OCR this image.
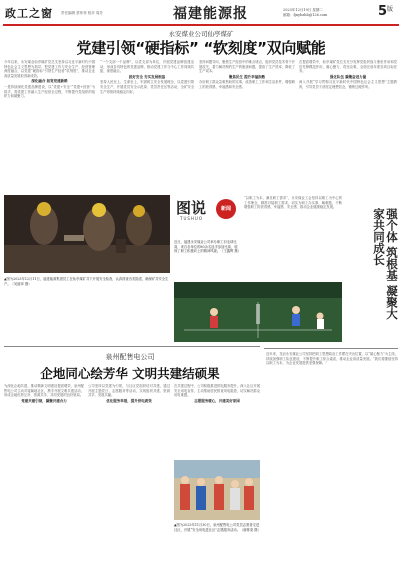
政工之窗 责任编辑 蔡菲菲 校对 周芳	福建能源报	2023年12月19日 星期二
邮箱：fjnybzhb@126.com	$5^版$
永安煤业公司仙亭煤矿
党建引领“硬指标” “软刻度”双向赋能
今年以来，永安煤业仙亭煤矿党总支坚持以习近平新时代中国特色社会主义思想为指导，把党建工作与安全生产、经营管理深度融合，以党建“硬指标”引领生产经营“软刻度”，推动企业高质量发展取得新成效。
深化融合 拓宽党建新路
一是持续深化党建品牌建设，以“党建+安全”“党建+经营”为抓手，将党建工作融入生产经营全过程，不断提升党组织的组织力和凝聚力。
“一个支部一个品牌”，以党支部为单位，开展党建品牌创建活动，形成各具特色的党建品牌，推动党建工作与中心工作同频共振、深度融合。
抓好安全 夯实发展根基
坚持人民至上、生命至上，牢固树立安全发展理念，以党建引领安全生产，开展党员安全示范岗、党员责任区等活动，全矿安全生产形势持续稳定向好。
坚持问题导向，聚焦生产经营中的难点堵点，组织党员技术骨干开展攻关，着力解决制约生产的瓶颈问题，提高了生产效率，降低了生产成本。
聚焦民生 提升幸福指数
办好职工群众急难愁盼的实事，改善职工工作和生活条件，增强职工的获得感、幸福感和安全感。
在提质增效中，仙亭煤矿党总支充分发挥党组织战斗堡垒作用和党员先锋模范作用，凝心聚力、攻坚克难，全面完成年度各项目标任务。
强化队伍 凝聚奋进力量
深入开展“学习贯彻习近平新时代中国特色社会主义思想”主题教育，引导党员干部坚定理想信念，锤炼过硬作风。
▲图为2023年12月11日，福建能源集团员工在仙亭煤矿井下开展安全检查，认真排查各类隐患，确保矿井安全生产。（吴丽萍 摄）
图说	新闻
TUSHUO
近日，福建永安煤业公司举办职工羽毛球比赛，来自各单位的80余名选手参加比赛，展现了职工积极向上的精神风貌。（王鑫辉 摄）
“以职工为本，满足职工需求”，永安煤业工会坚持以职工为中心的工作理念，精准对接职工需求，切实为职工办实事、解难题，不断增强职工的获得感、幸福感、安全感，推动企业健康稳定发展。
强个体 筑根基 凝聚大家共同成长
泉州配售电公司
企地同心绘芳华 文明共建结硕果
为深化企地共建，推动精神文明建设提质增效，泉州配售电公司主动对接属地社区，携手开展文明共建活动，形成企地优势互补、资源共享、共同发展的良好格局。
党建共建引领，凝聚共建合力
公司坚持以党建为引领，与社区党组织结对共建，通过开展主题党日、志愿服务等活动，实现组织共建、资源共享、发展共赢。
优化服务举措，提升供电质效
在共建过程中，公司积极推进供电服务提升，深入社区开展安全用电宣传，主动帮助居民排查用电隐患，切实解决群众用电难题。
志愿服务暖心，共建美好家园
▲图为2023年11月30日，泉州配售电公司党员志愿者走进社区，开展“安全用电进社区”志愿服务活动。（谢栋梁 摄）
近年来，龙岩永安煤业公司坚持把职工思想政治工作摆在突出位置，以“凝心聚力”为主线，持续加强职工队伍建设，不断提升职工综合素质，推动企业高质量发展。“我们将继续坚持以职工为本，为企业发展提供坚强保障。”
